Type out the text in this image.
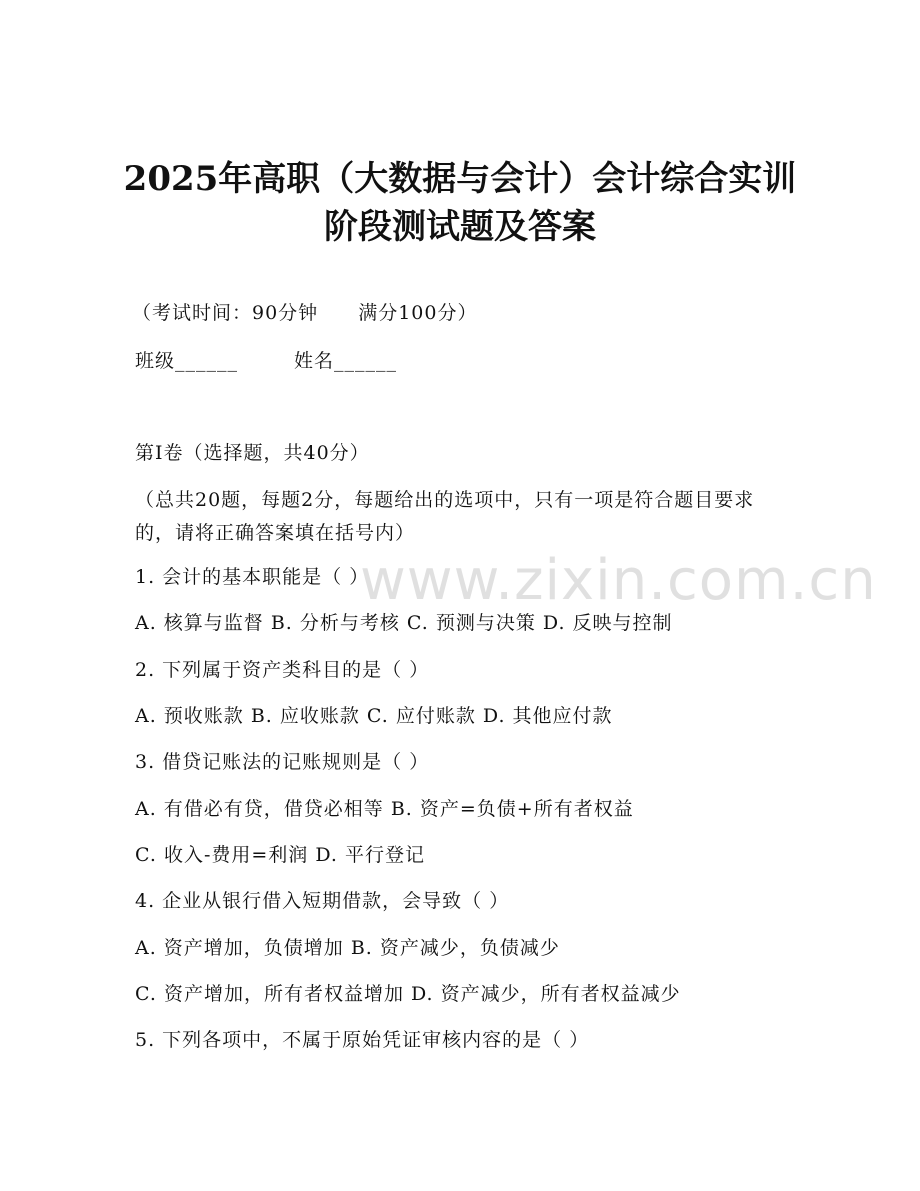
2025年高职（大数据与会计）会计综合实训
阶段测试题及答案
（考试时间：90分钟 满分100分）
班级______	姓名______
第I卷（选择题，共40分）
（总共20题，每题2分，每题给出的选项中，只有一项是符合题目要求的，请将正确答案填在括号内）
www.zixin.com.cn
1. 会计的基本职能是（ ）
A. 核算与监督 B. 分析与考核 C. 预测与决策 D. 反映与控制
2. 下列属于资产类科目的是（ ）
A. 预收账款 B. 应收账款 C. 应付账款 D. 其他应付款
3. 借贷记账法的记账规则是（ ）
A. 有借必有贷，借贷必相等 B. 资产=负债+所有者权益
C. 收入-费用=利润 D. 平行登记
4. 企业从银行借入短期借款，会导致（ ）
A. 资产增加，负债增加 B. 资产减少，负债减少
C. 资产增加，所有者权益增加 D. 资产减少，所有者权益减少
5. 下列各项中，不属于原始凭证审核内容的是（ ）
